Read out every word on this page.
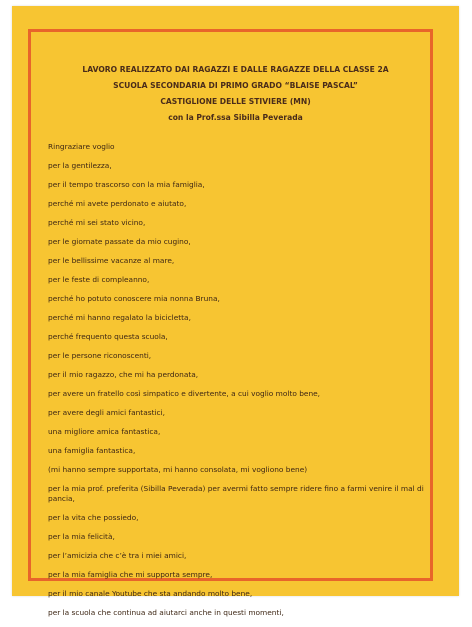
LAVORO REALIZZATO DAI RAGAZZI E DALLE RAGAZZE DELLA CLASSE 2A
SCUOLA SECONDARIA DI PRIMO GRADO “BLAISE PASCAL”
CASTIGLIONE DELLE STIVIERE (MN)
con la Prof.ssa Sibilla Peverada
Ringraziare voglio
per la gentilezza,
per il tempo trascorso con la mia famiglia,
perché mi avete perdonato e aiutato,
perché mi sei stato vicino,
per le giornate passate da mio cugino,
per le bellissime vacanze al mare,
per le feste di compleanno,
perché ho potuto conoscere mia nonna Bruna,
perché mi hanno regalato la bicicletta,
perché frequento questa scuola,
per le persone riconoscenti,
per il mio ragazzo, che mi ha perdonata,
per avere un fratello così simpatico e divertente, a cui voglio molto bene,
per avere degli amici fantastici,
una migliore amica fantastica,
una famiglia fantastica,
(mi hanno sempre supportata, mi hanno consolata, mi vogliono bene)
per la mia prof. preferita (Sibilla Peverada) per avermi fatto sempre ridere fino a farmi venire il mal di pancia,
per la vita che possiedo,
per la mia felicità,
per l’amicizia che c’è tra i miei amici,
per la mia famiglia che mi supporta sempre,
per il mio canale Youtube che sta andando molto bene,
per la scuola che continua ad aiutarci anche in questi momenti,
